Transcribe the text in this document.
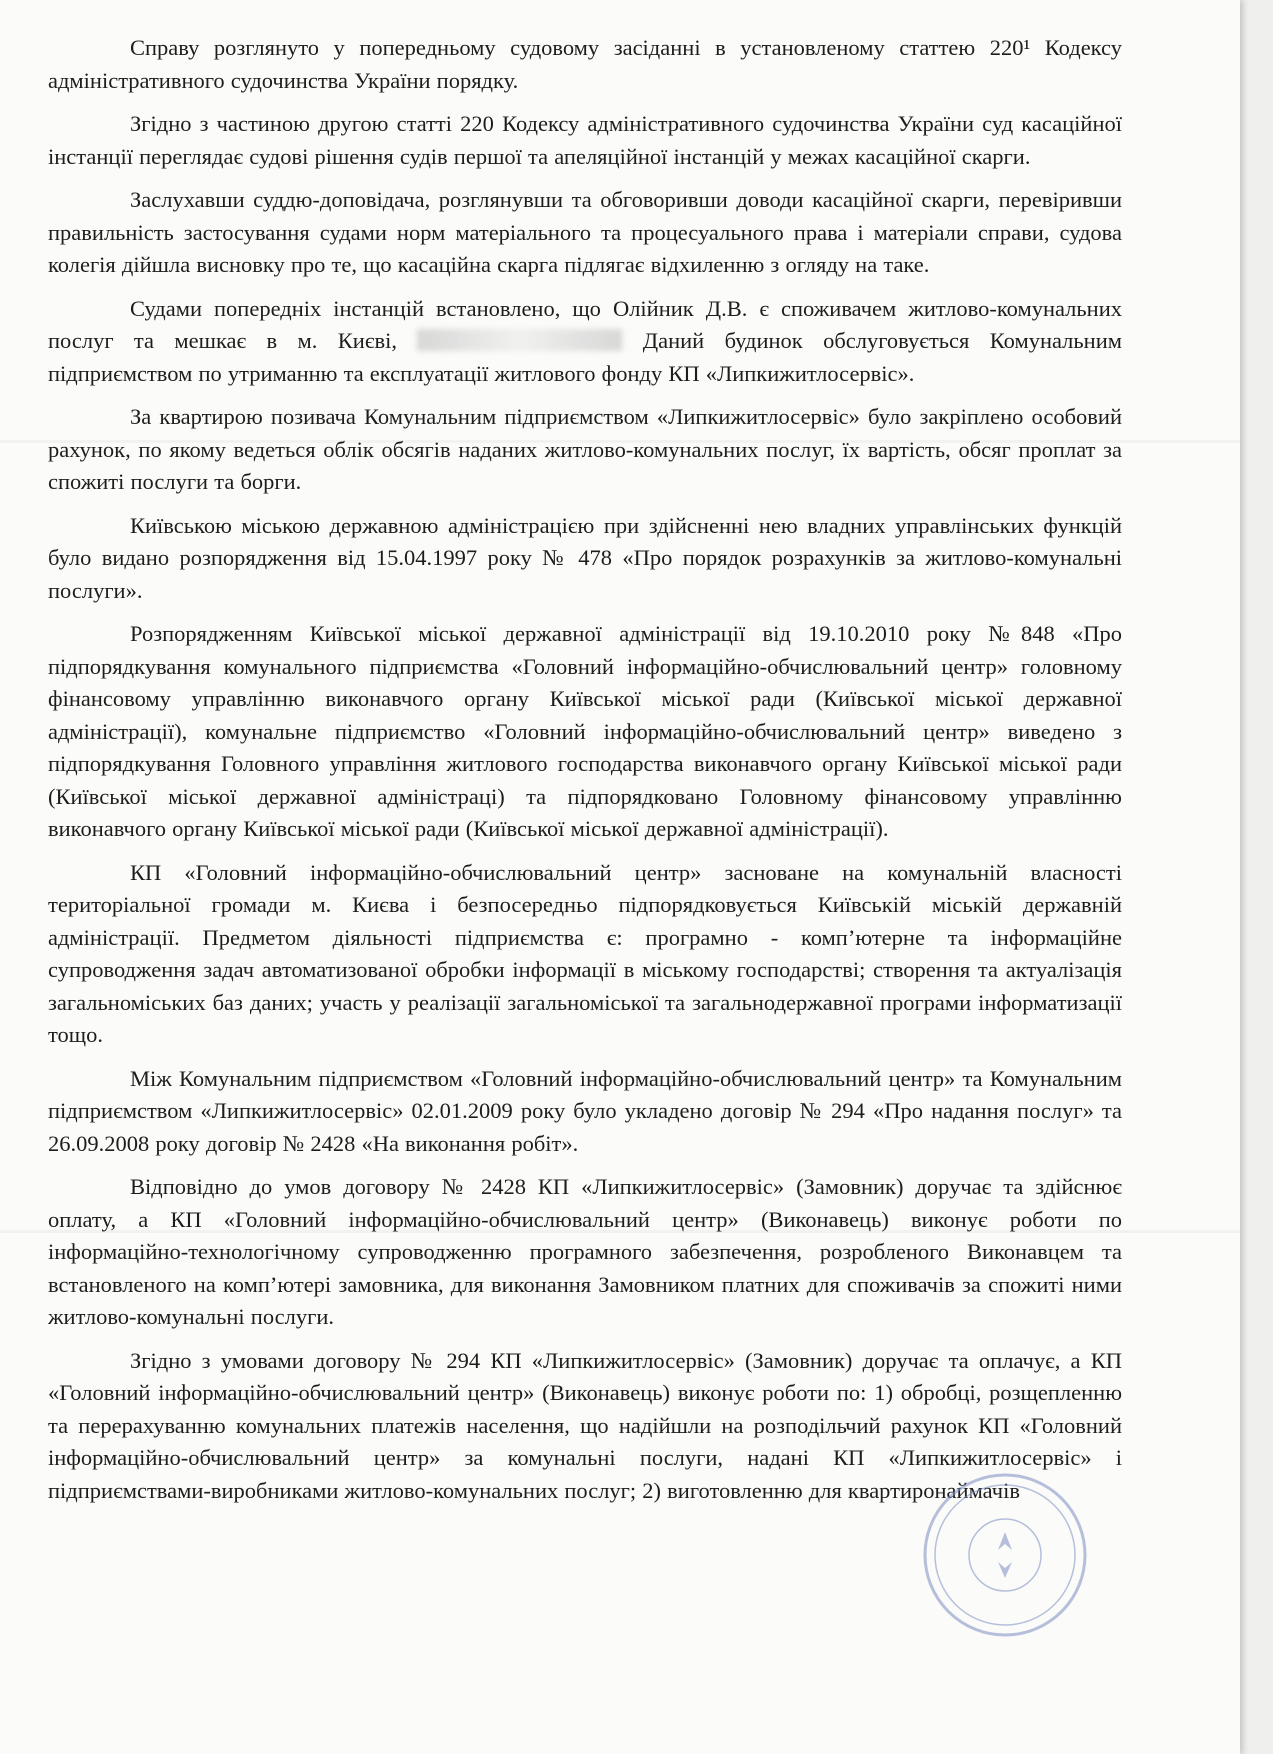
Справу розглянуто у попередньому судовому засіданні в установленому статтею 220¹ Кодексу адміністративного судочинства України порядку.

Згідно з частиною другою статті 220 Кодексу адміністративного судочинства України суд касаційної інстанції переглядає судові рішення судів першої та апеляційної інстанцій у межах касаційної скарги.

Заслухавши суддю-доповідача, розглянувши та обговоривши доводи касаційної скарги, перевіривши правильність застосування судами норм матеріального та процесуального права і матеріали справи, судова колегія дійшла висновку про те, що касаційна скарга підлягає відхиленню з огляду на таке.

Судами попередніх інстанцій встановлено, що Олійник Д.В. є споживачем житлово-комунальних послуг та мешкає в м. Києві,	Даний будинок обслуговується Комунальним підприємством по утриманню та експлуатації житлового фонду КП «Липкижитлосервіс».

За квартирою позивача Комунальним підприємством «Липкижитлосервіс» було закріплено особовий рахунок, по якому ведеться облік обсягів наданих житлово-комунальних послуг, їх вартість, обсяг проплат за спожиті послуги та борги.

Київською міською державною адміністрацією при здійсненні нею владних управлінських функцій було видано розпорядження від 15.04.1997 року № 478 «Про порядок розрахунків за житлово-комунальні послуги».

Розпорядженням Київської міської державної адміністрації від 19.10.2010 року №848 «Про підпорядкування комунального підприємства «Головний інформаційно-обчислювальний центр» головному фінансовому управлінню виконавчого органу Київської міської ради (Київської міської державної адміністрації), комунальне підприємство «Головний інформаційно-обчислювальний центр» виведено з підпорядкування Головного управління житлового господарства виконавчого органу Київської міської ради (Київської міської державної адміністраці) та підпорядковано Головному фінансовому управлінню виконавчого органу Київської міської ради (Київської міської державної адміністрації).

КП «Головний інформаційно-обчислювальний центр» засноване на комунальній власності територіальної громади м. Києва і безпосередньо підпорядковується Київській міській державній адміністрації. Предметом діяльності підприємства є: програмно - комп’ютерне та інформаційне супроводження задач автоматизованої обробки інформації в міському господарстві; створення та актуалізація загальноміських баз даних; участь у реалізації загальноміської та загальнодержавної програми інформатизації тощо.

Між Комунальним підприємством «Головний інформаційно-обчислювальний центр» та Комунальним підприємством «Липкижитлосервіс» 02.01.2009 року було укладено договір № 294 «Про надання послуг» та 26.09.2008 року договір № 2428 «На виконання робіт».

Відповідно до умов договору № 2428 КП «Липкижитлосервіс» (Замовник) доручає та здійснює оплату, а КП «Головний інформаційно-обчислювальний центр» (Виконавець) виконує роботи по інформаційно-технологічному супроводженню програмного забезпечення, розробленого Виконавцем та встановленого на комп’ютері замовника, для виконання Замовником платних для споживачів за спожиті ними житлово-комунальні послуги.

Згідно з умовами договору № 294 КП «Липкижитлосервіс» (Замовник) доручає та оплачує, а КП «Головний інформаційно-обчислювальний центр» (Виконавець) виконує роботи по: 1) обробці, розщепленню та перерахуванню комунальних платежів населення, що надійшли на розподільчий рахунок КП «Головний інформаційно-обчислювальний центр» за комунальні послуги, надані КП «Липкижитлосервіс» і підприємствами-виробниками житлово-комунальних послуг; 2) виготовленню для квартиронаймачів
